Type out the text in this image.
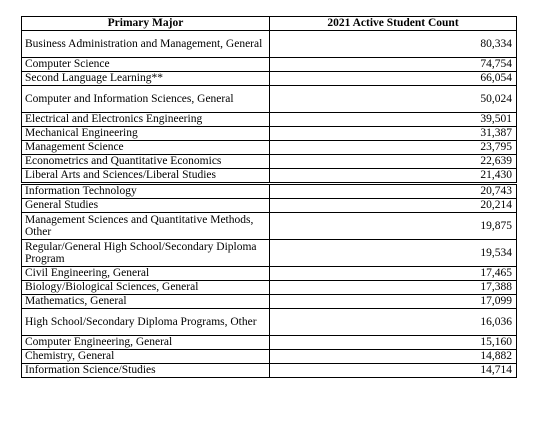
Primary Major	2021 Active Student Count
Business Administration and Management, General	80,334
Computer Science	74,754
Second Language Learning**	66,054
Computer and Information Sciences, General	50,024
Electrical and Electronics Engineering	39,501
Mechanical Engineering	31,387
Management Science	23,795
Econometrics and Quantitative Economics	22,639
Liberal Arts and Sciences/Liberal Studies	21,430
Information Technology	20,743
General Studies	20,214
Management Sciences and Quantitative Methods, Other	19,875
Regular/General High School/Secondary Diploma Program	19,534
Civil Engineering, General	17,465
Biology/Biological Sciences, General	17,388
Mathematics, General	17,099
High School/Secondary Diploma Programs, Other	16,036
Computer Engineering, General	15,160
Chemistry, General	14,882
Information Science/Studies	14,714
